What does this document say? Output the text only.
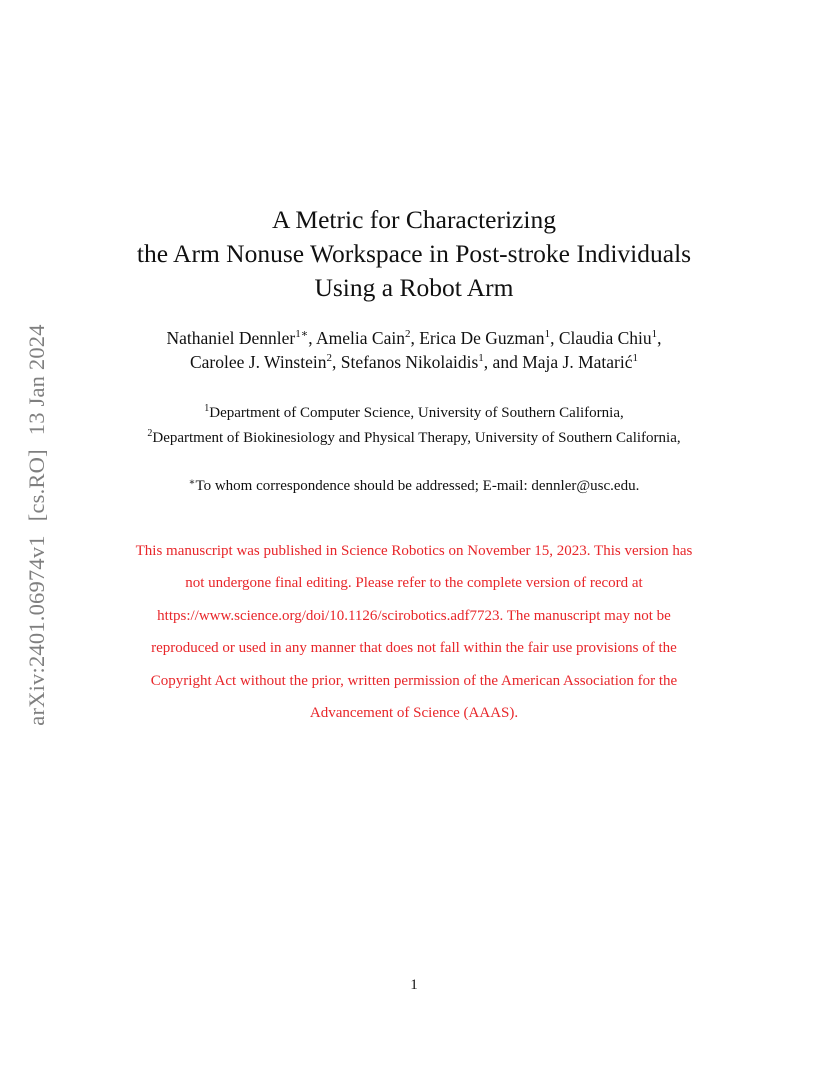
arXiv:2401.06974v1[cs.RO]13 Jan 2024
A Metric for Characterizing
the Arm Nonuse Workspace in Post-stroke Individuals
Using a Robot Arm
Nathaniel Dennler$^{1∗}$, Amelia Cain$^2$, Erica De Guzman$^1$, Claudia Chiu$^1$,
Carolee J. Winstein$^2$, Stefanos Nikolaidis$^1$, and Maja J. Matarić$^1$
$^1$Department of Computer Science, University of Southern California,
$^2$Department of Biokinesiology and Physical Therapy, University of Southern California,
∗To whom correspondence should be addressed; E-mail: dennler@usc.edu.
This manuscript was published in Science Robotics on November 15, 2023. This version has
not undergone final editing. Please refer to the complete version of record at
https://www.science.org/doi/10.1126/scirobotics.adf7723. The manuscript may not be
reproduced or used in any manner that does not fall within the fair use provisions of the
Copyright Act without the prior, written permission of the American Association for the
Advancement of Science (AAAS).
1
